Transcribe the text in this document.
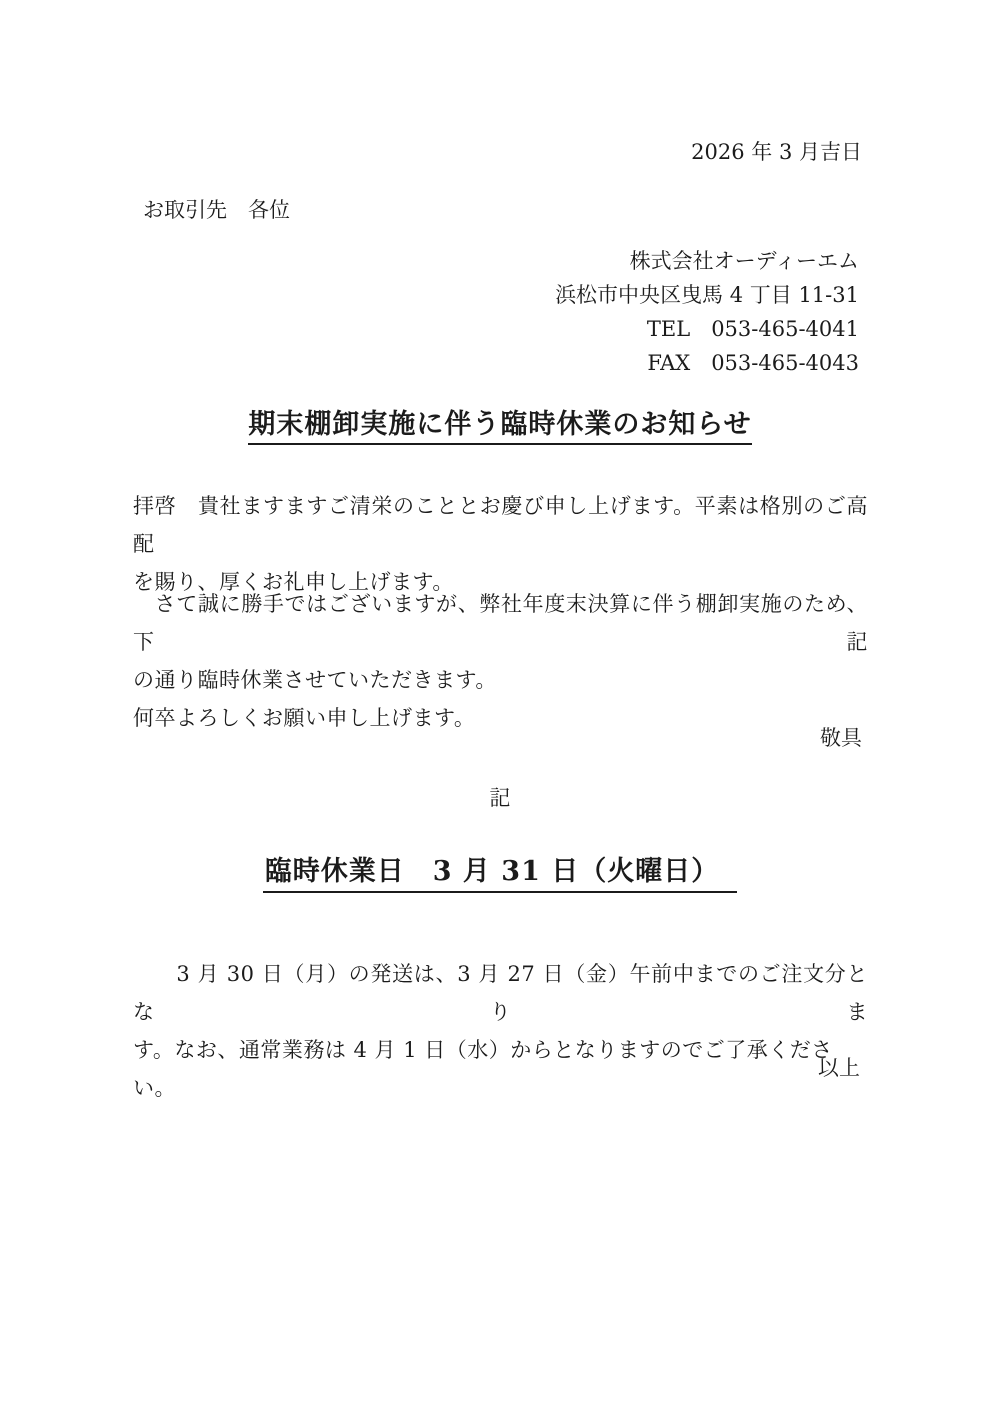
2026 年 3 月吉日
お取引先　各位
株式会社オーディーエム
浜松市中央区曳馬 4 丁目 11-31
TEL　053-465-4041
FAX　053-465-4043
期末棚卸実施に伴う臨時休業のお知らせ
拝啓　貴社ますますご清栄のこととお慶び申し上げます。平素は格別のご高配
を賜り、厚くお礼申し上げます。
　さて誠に勝手ではございますが、弊社年度末決算に伴う棚卸実施のため、下記
の通り臨時休業させていただきます。
何卒よろしくお願い申し上げます。
敬具
記
臨時休業日　3 月 31 日（火曜日）
　　3 月 30 日（月）の発送は、3 月 27 日（金）午前中までのご注文分となりま
す。なお、通常業務は 4 月 1 日（水）からとなりますのでご了承ください。
以上
